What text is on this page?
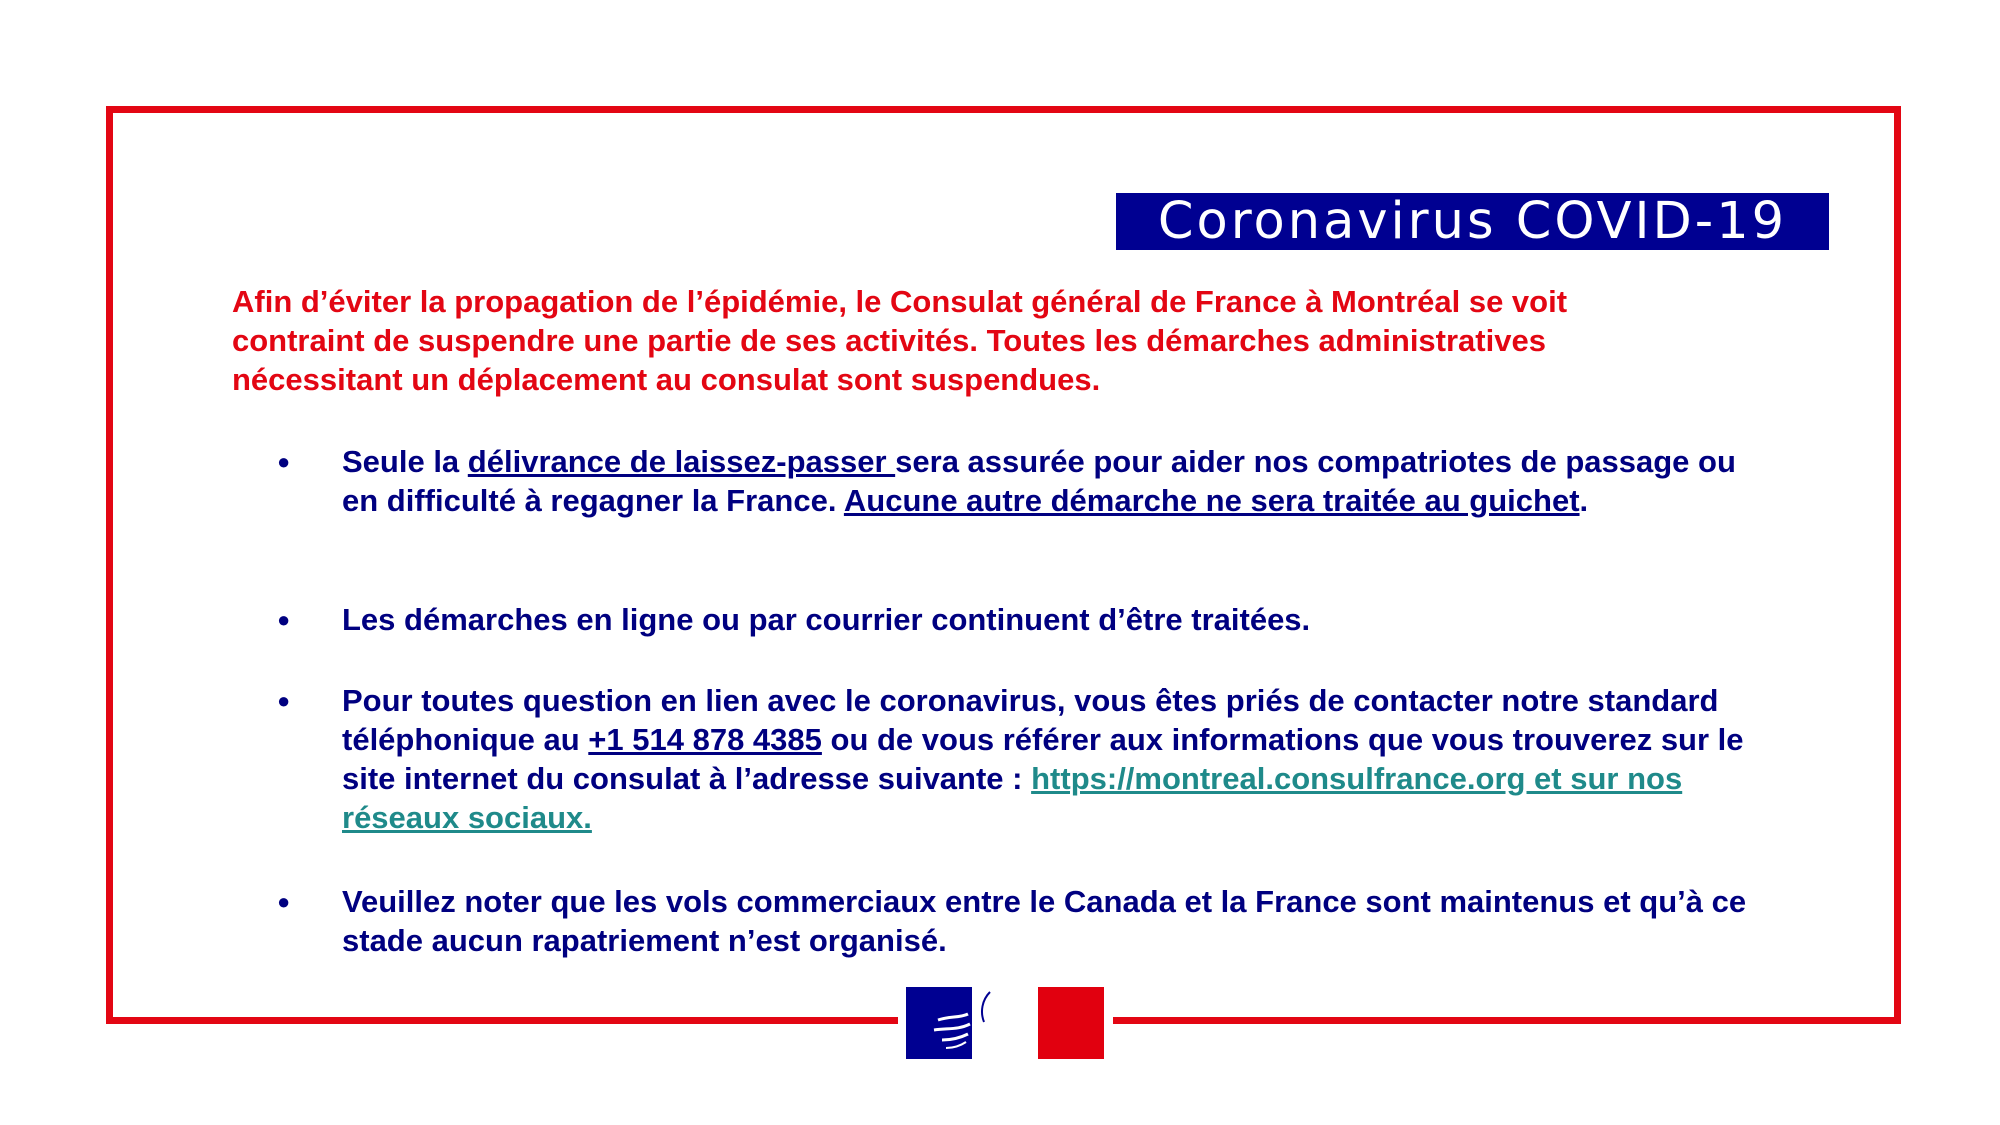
Coronavirus COVID-19

Afin d’éviter la propagation de l’épidémie, le Consulat général de France à Montréal se voit contraint de suspendre une partie de ses activités. Toutes les démarches administratives nécessitant un déplacement au consulat sont suspendues.

● Seule la délivrance de laissez-passer sera assurée pour aider nos compatriotes de passage ou en difficulté à regagner la France. Aucune autre démarche ne sera traitée au guichet.
● Les démarches en ligne ou par courrier continuent d’être traitées.
● Pour toutes question en lien avec le coronavirus, vous êtes priés de contacter notre standard téléphonique au +1 514 878 4385 ou de vous référer aux informations que vous trouverez sur le site internet du consulat à l’adresse suivante : https://montreal.consulfrance.org et sur nos réseaux sociaux.
● Veuillez noter que les vols commerciaux entre le Canada et la France sont maintenus et qu’à ce stade aucun rapatriement n’est organisé.
